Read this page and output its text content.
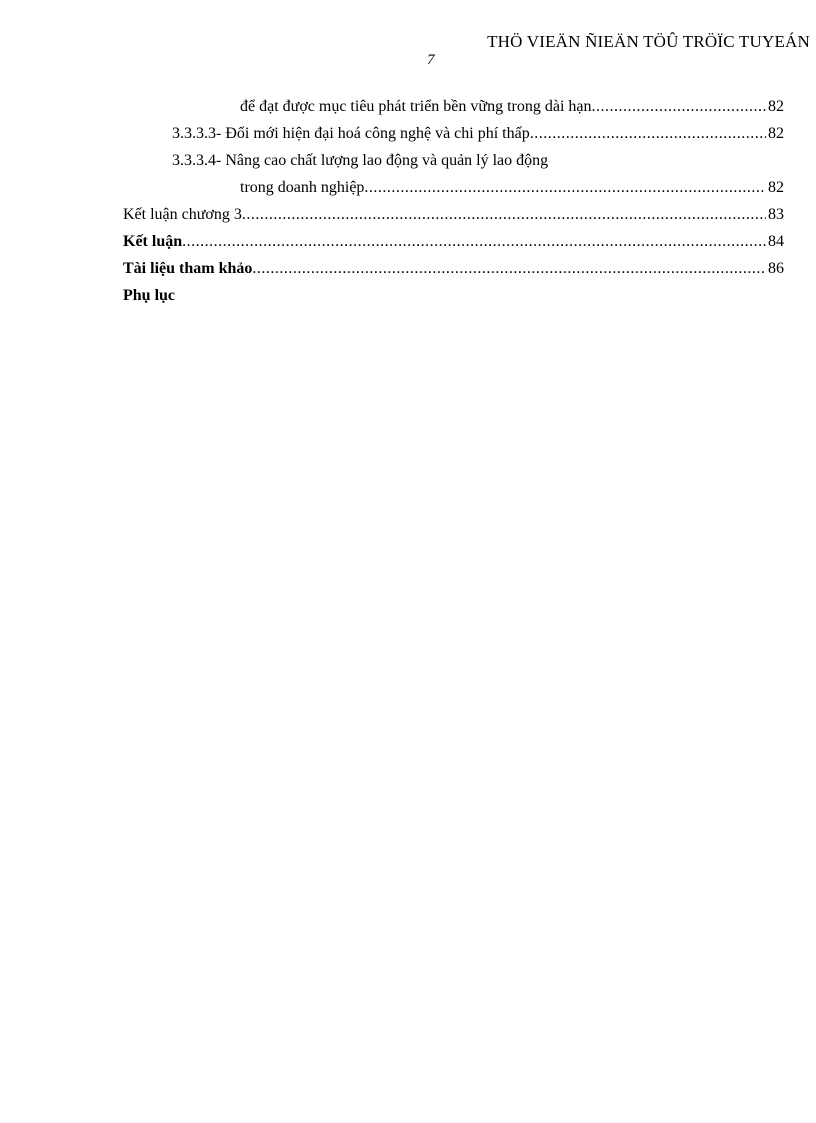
THÖ VIEÄN ÑIEÄN TÖÛ TRÖÏC TUYEÁN
7
để đạt được mục tiêu phát triển bền vững trong dài hạn .....	82
3.3.3.3- Đổi mới hiện đại hoá công nghệ và chi phí thấp .....	82
3.3.3.4- Nâng cao chất lượng lao động và quản lý lao động
trong doanh nghiệp .....	82
Kết luận chương 3 .....	83
Kết luận .....	84
Tài liệu tham khảo .....	86
Phụ lục
